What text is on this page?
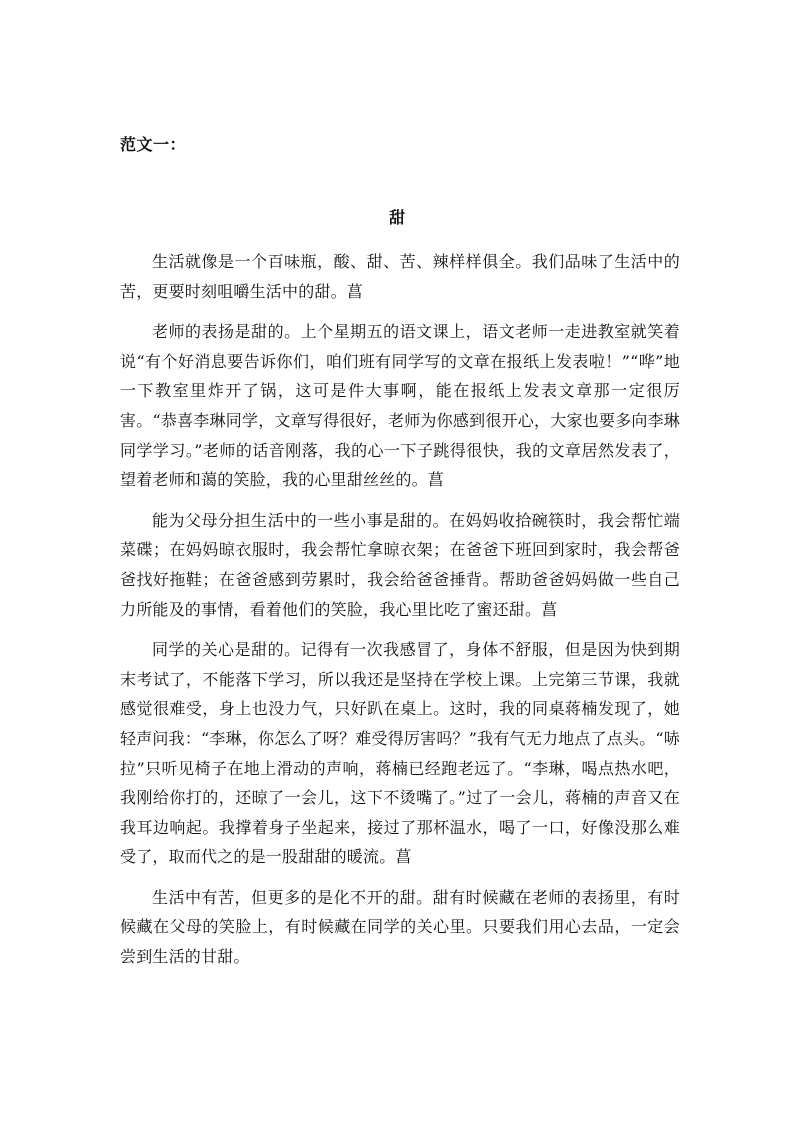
范文一：
甜

生活就像是一个百味瓶，酸、甜、苦、辣样样俱全。我们品味了生活中的苦，更要时刻咀嚼生活中的甜。菖

老师的表扬是甜的。上个星期五的语文课上，语文老师一走进教室就笑着说“有个好消息要告诉你们，咱们班有同学写的文章在报纸上发表啦！”“哗”地一下教室里炸开了锅，这可是件大事啊，能在报纸上发表文章那一定很厉害。“恭喜李琳同学，文章写得很好，老师为你感到很开心，大家也要多向李琳同学学习。”老师的话音刚落，我的心一下子跳得很快，我的文章居然发表了，望着老师和蔼的笑脸，我的心里甜丝丝的。菖

能为父母分担生活中的一些小事是甜的。在妈妈收拾碗筷时，我会帮忙端菜碟；在妈妈晾衣服时，我会帮忙拿晾衣架；在爸爸下班回到家时，我会帮爸爸找好拖鞋；在爸爸感到劳累时，我会给爸爸捶背。帮助爸爸妈妈做一些自己力所能及的事情，看着他们的笑脸，我心里比吃了蜜还甜。菖

同学的关心是甜的。记得有一次我感冒了，身体不舒服，但是因为快到期末考试了，不能落下学习，所以我还是坚持在学校上课。上完第三节课，我就感觉很难受，身上也没力气，只好趴在桌上。这时，我的同桌蒋楠发现了，她轻声问我：“李琳，你怎么了呀？难受得厉害吗？”我有气无力地点了点头。“哧拉”只听见椅子在地上滑动的声响，蒋楠已经跑老远了。“李琳，喝点热水吧，我刚给你打的，还晾了一会儿，这下不烫嘴了。”过了一会儿，蒋楠的声音又在我耳边响起。我撑着身子坐起来，接过了那杯温水，喝了一口，好像没那么难受了，取而代之的是一股甜甜的暖流。菖

生活中有苦，但更多的是化不开的甜。甜有时候藏在老师的表扬里，有时候藏在父母的笑脸上，有时候藏在同学的关心里。只要我们用心去品，一定会尝到生活的甘甜。
